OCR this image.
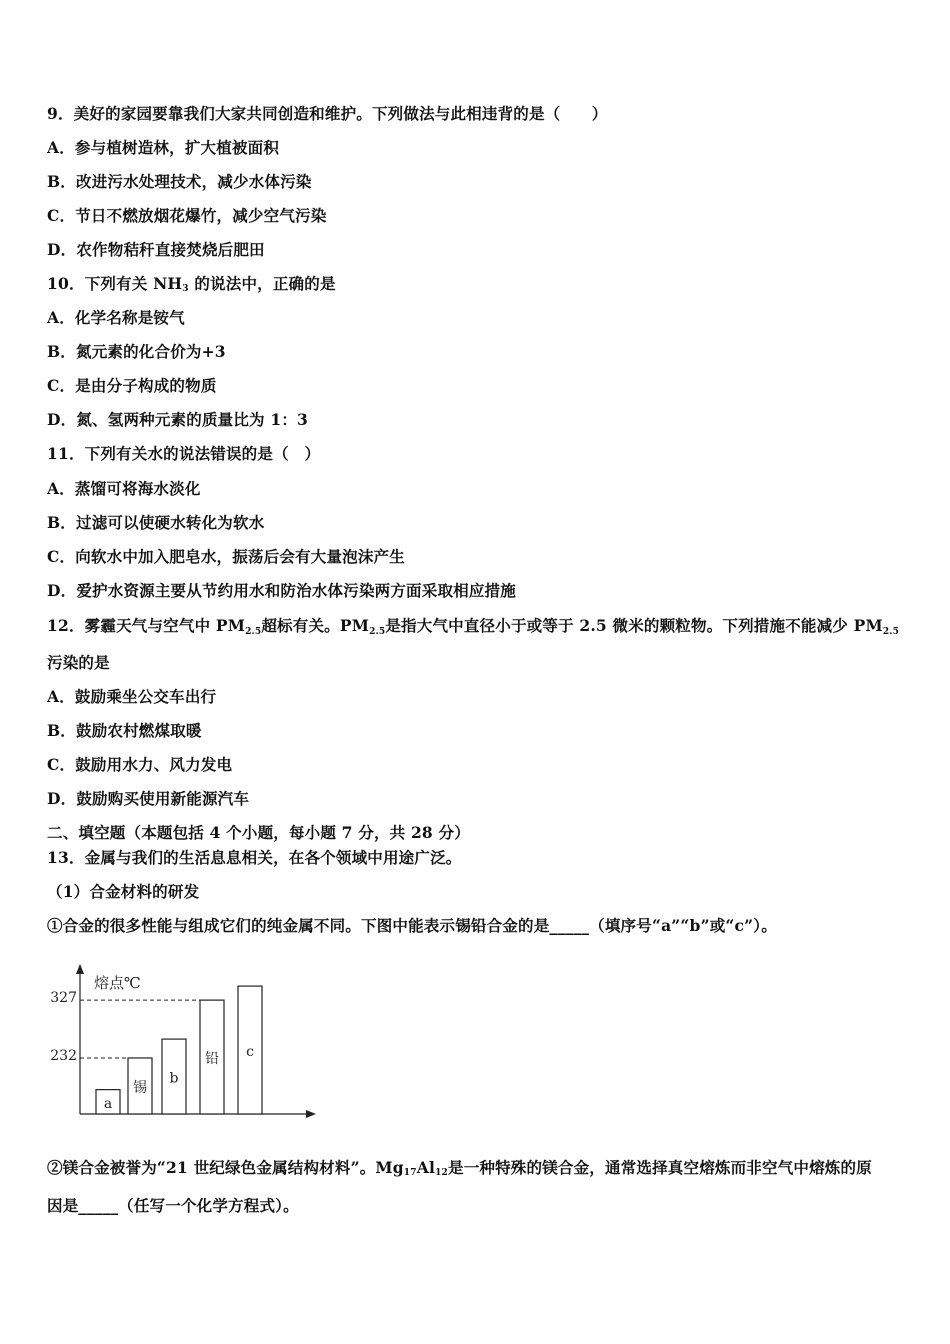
9．美好的家园要靠我们大家共同创造和维护。下列做法与此相违背的是（　　）
A．参与植树造林，扩大植被面积
B．改进污水处理技术，减少水体污染
C．节日不燃放烟花爆竹，减少空气污染
D．农作物秸秆直接焚烧后肥田
10．下列有关 $NH_3$ 的说法中，正确的是
A．化学名称是铵气
B．氮元素的化合价为+3
C．是由分子构成的物质
D．氮、氢两种元素的质量比为 1：3
11．下列有关水的说法错误的是（　）
A．蒸馏可将海水淡化
B．过滤可以使硬水转化为软水
C．向软水中加入肥皂水，振荡后会有大量泡沫产生
D．爱护水资源主要从节约用水和防治水体污染两方面采取相应措施
12．雾霾天气与空气中 PM2.5超标有关。PM2.5是指大气中直径小于或等于 2.5 微米的颗粒物。下列措施不能减少 PM2.5
污染的是
A．鼓励乘坐公交车出行
B．鼓励农村燃煤取暖
C．鼓励用水力、风力发电
D．鼓励购买使用新能源汽车
二、填空题（本题包括 4 个小题，每小题 7 分，共 28 分）
13．金属与我们的生活息息相关，在各个领域中用途广泛。
（1）合金材料的研发
①合金的很多性能与组成它们的纯金属不同。下图中能表示锡铅合金的是_____（填序号“a”“b”或“c”）。
熔点℃
327
232
a
锡
b
铅 c
②镁合金被誉为“21 世纪绿色金属结构材料”。$Mg_{17}Al_{12}$是一种特殊的镁合金，通常选择真空熔炼而非空气中熔炼的原
因是_____（任写一个化学方程式）。
